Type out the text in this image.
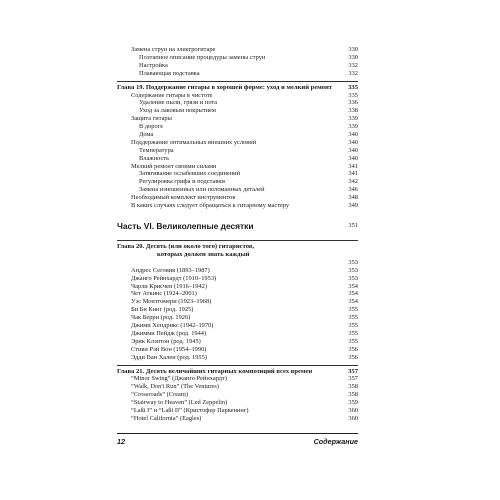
Замена струн на электрогитаре	330
Поэтапное описание процедуры замены струн	330
Настройка	332
Плавающая подставка	332
Глава 19. Поддержание гитары в хорошей форме: уход и мелкий ремонт	335
Содержание гитары в чистоте	335
Удаление пыли, грязи и пота	336
Уход за лаковым покрытием	338
Защита гитары	339
В дороге	339
Дома	340
Поддержание оптимальных внешних условий	340
Температура	340
Влажность	340
Мелкий ремонт своими силами	341
Затягивание ослабевших соединений	341
Регулировка грифа и подставки	342
Замена изношенных или поломанных деталей	346
Необходимый комплект инструментов	348
В каких случаях следует обращаться к гитарному мастеру	349
Часть VI. Великолепные десятки	351
Глава 20. Десять (или около того) гитаристов,
которых должен знать каждый
353
Андрес Сеговия (1893–1987)	353
Джанго Рейнхардт (1910–1953)	353
Чарли Крисчен (1916–1942)	354
Чет Аткинс (1924–2001)	354
Уэс Монтгомери (1923–1968)	354
Би Би Кинг (род. 1925)	355
Чак Берри (род. 1926)	355
Джими Хендрикс (1942–1970)	355
Джимми Пейдж (род. 1944)	355
Эрик Клэптон (род. 1945)	355
Стиви Рэй Вон (1954–1990)	356
Эдди Ван Хален (род. 1955)	356
Глава 21. Десять величайших гитарных композиций всех времен	357
“Minor Swing” (Джанго Рейнхардт)	357
“Walk, Don't Run” (The Ventures)	358
“Crossroads” (Cream)	358
“Stairway to Heaven” (Led Zeppelin)	359
“Laßt I” и “Laßt II” (Кристофер Паркенинг)	360
“Hotel California” (Eagles)	360
12	Содержание
